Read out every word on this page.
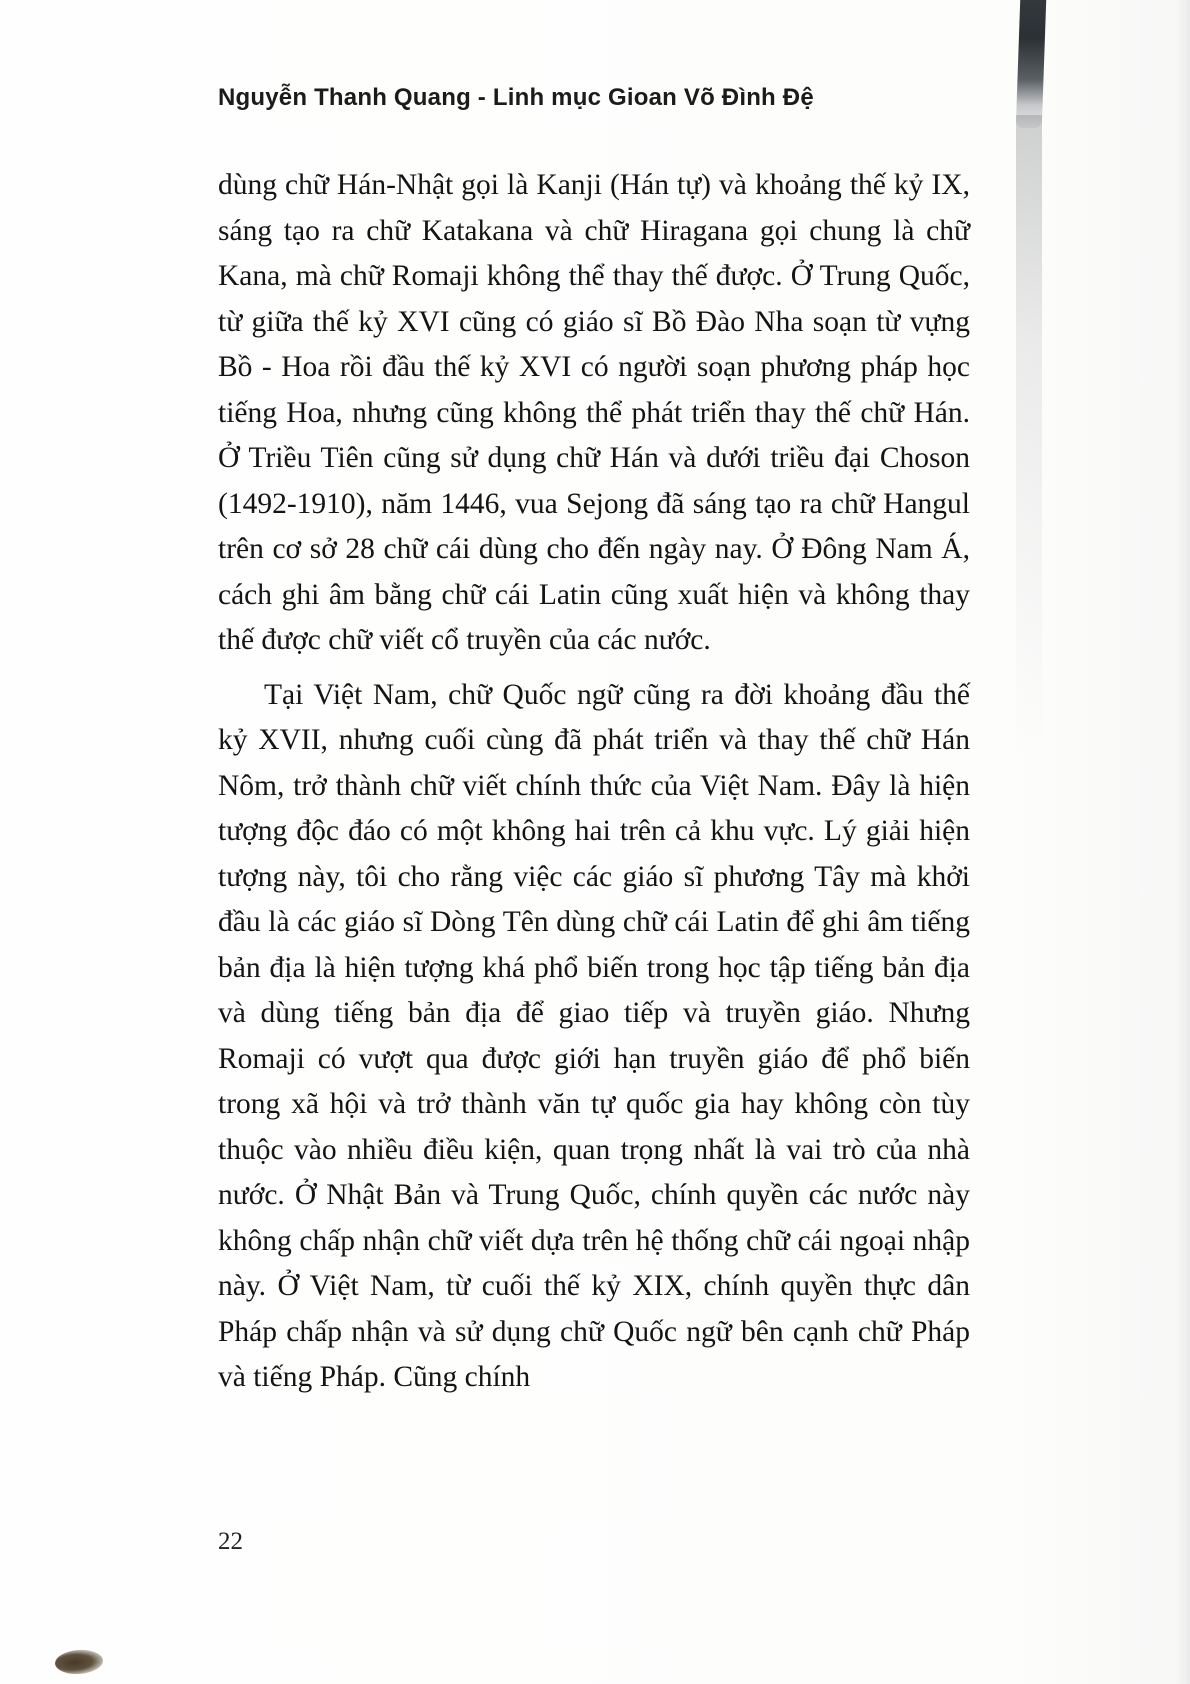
Nguyễn Thanh Quang - Linh mục Gioan Võ Đình Đệ

dùng chữ Hán-Nhật gọi là Kanji (Hán tự) và khoảng thế kỷ IX, sáng tạo ra chữ Katakana và chữ Hiragana gọi chung là chữ Kana, mà chữ Romaji không thể thay thế được. Ở Trung Quốc, từ giữa thế kỷ XVI cũng có giáo sĩ Bồ Đào Nha soạn từ vựng Bồ - Hoa rồi đầu thế kỷ XVI có người soạn phương pháp học tiếng Hoa, nhưng cũng không thể phát triển thay thế chữ Hán. Ở Triều Tiên cũng sử dụng chữ Hán và dưới triều đại Choson (1492-1910), năm 1446, vua Sejong đã sáng tạo ra chữ Hangul trên cơ sở 28 chữ cái dùng cho đến ngày nay. Ở Đông Nam Á, cách ghi âm bằng chữ cái Latin cũng xuất hiện và không thay thế được chữ viết cổ truyền của các nước.

Tại Việt Nam, chữ Quốc ngữ cũng ra đời khoảng đầu thế kỷ XVII, nhưng cuối cùng đã phát triển và thay thế chữ Hán Nôm, trở thành chữ viết chính thức của Việt Nam. Đây là hiện tượng độc đáo có một không hai trên cả khu vực. Lý giải hiện tượng này, tôi cho rằng việc các giáo sĩ phương Tây mà khởi đầu là các giáo sĩ Dòng Tên dùng chữ cái Latin để ghi âm tiếng bản địa là hiện tượng khá phổ biến trong học tập tiếng bản địa và dùng tiếng bản địa để giao tiếp và truyền giáo. Nhưng Romaji có vượt qua được giới hạn truyền giáo để phổ biến trong xã hội và trở thành văn tự quốc gia hay không còn tùy thuộc vào nhiều điều kiện, quan trọng nhất là vai trò của nhà nước. Ở Nhật Bản và Trung Quốc, chính quyền các nước này không chấp nhận chữ viết dựa trên hệ thống chữ cái ngoại nhập này. Ở Việt Nam, từ cuối thế kỷ XIX, chính quyền thực dân Pháp chấp nhận và sử dụng chữ Quốc ngữ bên cạnh chữ Pháp và tiếng Pháp. Cũng chính

22
